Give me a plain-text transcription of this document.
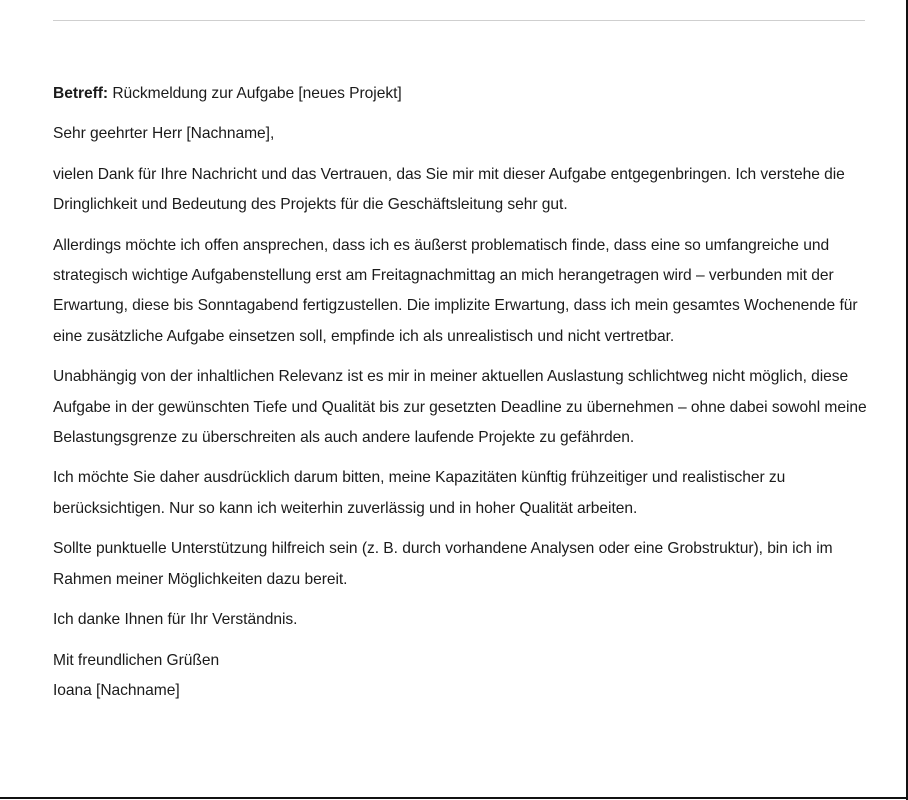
Betreff: Rückmeldung zur Aufgabe [neues Projekt]

Sehr geehrter Herr [Nachname],

vielen Dank für Ihre Nachricht und das Vertrauen, das Sie mir mit dieser Aufgabe entgegenbringen. Ich verstehe die Dringlichkeit und Bedeutung des Projekts für die Geschäftsleitung sehr gut.

Allerdings möchte ich offen ansprechen, dass ich es äußerst problematisch finde, dass eine so umfangreiche und strategisch wichtige Aufgabenstellung erst am Freitagnachmittag an mich herangetragen wird – verbunden mit der Erwartung, diese bis Sonntagabend fertigzustellen. Die implizite Erwartung, dass ich mein gesamtes Wochenende für eine zusätzliche Aufgabe einsetzen soll, empfinde ich als unrealistisch und nicht vertretbar.

Unabhängig von der inhaltlichen Relevanz ist es mir in meiner aktuellen Auslastung schlichtweg nicht möglich, diese Aufgabe in der gewünschten Tiefe und Qualität bis zur gesetzten Deadline zu übernehmen – ohne dabei sowohl meine Belastungsgrenze zu überschreiten als auch andere laufende Projekte zu gefährden.

Ich möchte Sie daher ausdrücklich darum bitten, meine Kapazitäten künftig frühzeitiger und realistischer zu berücksichtigen. Nur so kann ich weiterhin zuverlässig und in hoher Qualität arbeiten.

Sollte punktuelle Unterstützung hilfreich sein (z. B. durch vorhandene Analysen oder eine Grobstruktur), bin ich im Rahmen meiner Möglichkeiten dazu bereit.

Ich danke Ihnen für Ihr Verständnis.

Mit freundlichen Grüßen

Ioana [Nachname]
